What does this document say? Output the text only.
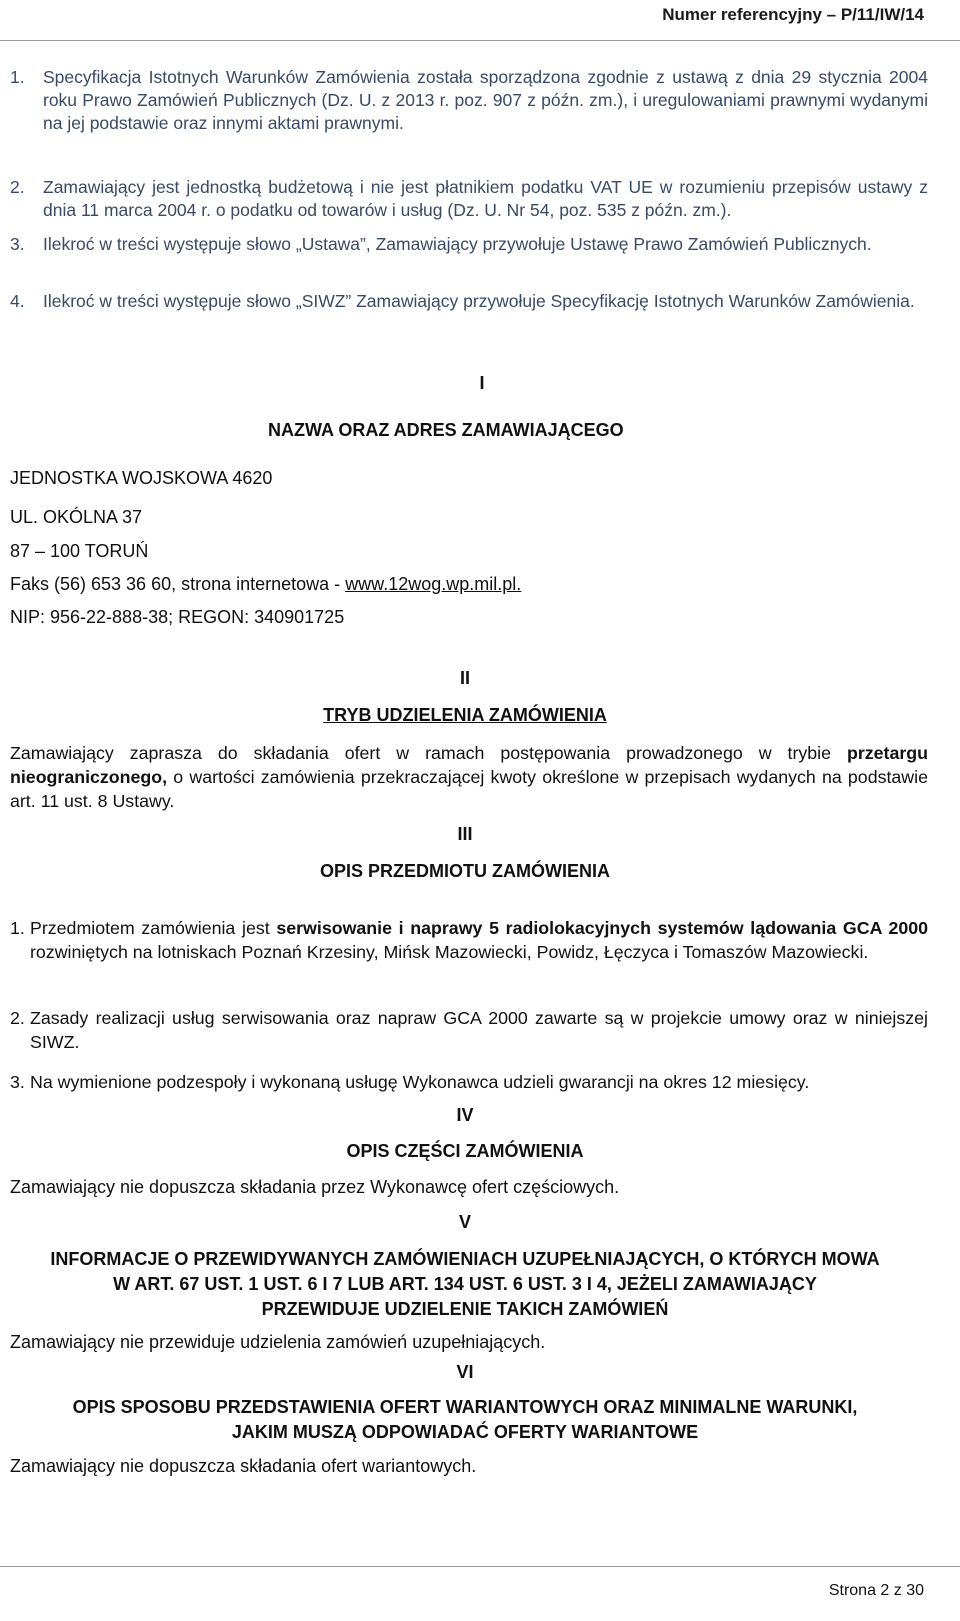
Numer referencyjny – P/11/IW/14
1. Specyfikacja Istotnych Warunków Zamówienia została sporządzona zgodnie z ustawą z dnia 29 stycznia 2004 roku Prawo Zamówień Publicznych (Dz. U. z 2013 r. poz. 907 z późn. zm.), i uregulowaniami prawnymi wydanymi na jej podstawie oraz innymi aktami prawnymi.
2. Zamawiający jest jednostką budżetową i nie jest płatnikiem podatku VAT UE w rozumieniu przepisów ustawy z dnia 11 marca 2004 r. o podatku od towarów i usług (Dz. U. Nr 54, poz. 535 z późn. zm.).
3. Ilekroć w treści występuje słowo „Ustawa”, Zamawiający przywołuje Ustawę Prawo Zamówień Publicznych.
4. Ilekroć w treści występuje słowo „SIWZ” Zamawiający przywołuje Specyfikację Istotnych Warunków Zamówienia.
I
NAZWA ORAZ ADRES ZAMAWIAJĄCEGO
JEDNOSTKA WOJSKOWA 4620
UL. OKÓLNA 37
87 – 100 TORUŃ
Faks (56) 653 36 60, strona internetowa - www.12wog.wp.mil.pl.
NIP: 956-22-888-38; REGON: 340901725
II
TRYB UDZIELENIA ZAMÓWIENIA
Zamawiający zaprasza do składania ofert w ramach postępowania prowadzonego w trybie przetargu nieograniczonego, o wartości zamówienia przekraczającej kwoty określone w przepisach wydanych na podstawie art. 11 ust. 8 Ustawy.
III
OPIS PRZEDMIOTU ZAMÓWIENIA
1. Przedmiotem zamówienia jest serwisowanie i naprawy 5 radiolokacyjnych systemów lądowania GCA 2000 rozwiniętych na lotniskach Poznań Krzesiny, Mińsk Mazowiecki, Powidz, Łęczyca i Tomaszów Mazowiecki.
2. Zasady realizacji usług serwisowania oraz napraw GCA 2000 zawarte są w projekcie umowy oraz w niniejszej SIWZ.
3. Na wymienione podzespoły i wykonaną usługę Wykonawca udzieli gwarancji na okres 12 miesięcy.
IV
OPIS CZĘŚCI ZAMÓWIENIA
Zamawiający nie dopuszcza składania przez Wykonawcę ofert częściowych.
V
INFORMACJE O PRZEWIDYWANYCH ZAMÓWIENIACH UZUPEŁNIAJĄCYCH, O KTÓRYCH MOWA
W ART. 67 UST. 1 UST. 6 I 7 LUB ART. 134 UST. 6 UST. 3 I 4, JEŻELI ZAMAWIAJĄCY
PRZEWIDUJE UDZIELENIE TAKICH ZAMÓWIEŃ
Zamawiający nie przewiduje udzielenia zamówień uzupełniających.
VI
OPIS SPOSOBU PRZEDSTAWIENIA OFERT WARIANTOWYCH ORAZ MINIMALNE WARUNKI,
JAKIM MUSZĄ ODPOWIADAĆ OFERTY WARIANTOWE
Zamawiający nie dopuszcza składania ofert wariantowych.
Strona 2 z 30
